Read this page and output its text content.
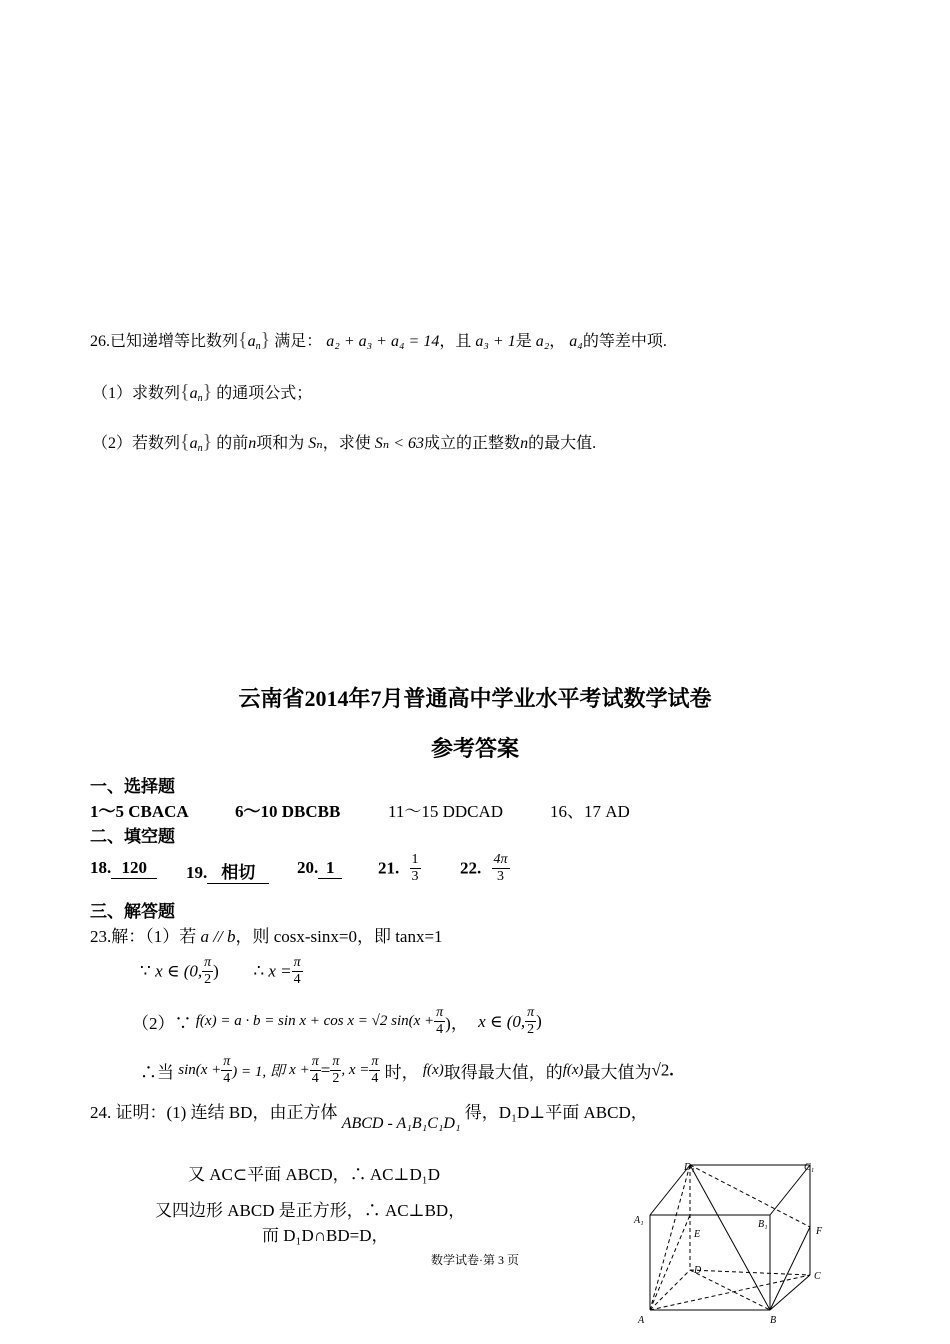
26.已知递增等比数列$\{a_n\}$ 满足： a₂ + a₃ + a₄ = 14，且 a₃ + 1是 a₂， a₄的等差中项.
（1）求数列$\{a_n\}$ 的通项公式；
（2）若数列$\{a_n\}$ 的前n项和为 Sₙ，求使 Sₙ < 63成立的正整数n的最大值.
云南省2014年7月普通高中学业水平考试数学试卷
参考答案
一、选择题
1～5 CBACA	6～10 DBCBB	11～15 DDCAD	16、17 AD
二、填空题
18. 120	19. 相切	20. 1	21. $\frac{1}{3} 22$. $\frac{4\pi}{3}$
三、解答题
23.解：（1）若 a // b，则 cosx-sinx=0，即 tanx=1
∵ x ∈ (0, $\frac{\pi}{2}$ ) ∴ $x = \frac{\pi}{4}$
（2）∵ f(x) = a · b = sin x + cos x = √2 $\sin(x + \frac{\pi}{4}$ )， x ∈ (0, $\frac{\pi}{2}$ )
∴当 $\sin(x + \frac{\pi}{4}$ ) = 1, 即 $x + \frac{\pi}{4} = \frac{\pi}{2}$ , $x = \frac{\pi}{4}$ 时， f(x)取得最大值，的f(x)最大值为√2.
24. 证明：(1) 连结 BD，由正方体 ABCD - A₁B₁C₁D₁ 得，D₁D⊥平面 ABCD，
又 AC⊂平面 ABCD，∴ AC⊥D₁D
又四边形 ABCD 是正方形，∴ AC⊥BD，
而 D₁D∩BD=D，
数学试卷·第 3 页
D₁	C₁
A₁	B₁
E	F
D
C
A	B
